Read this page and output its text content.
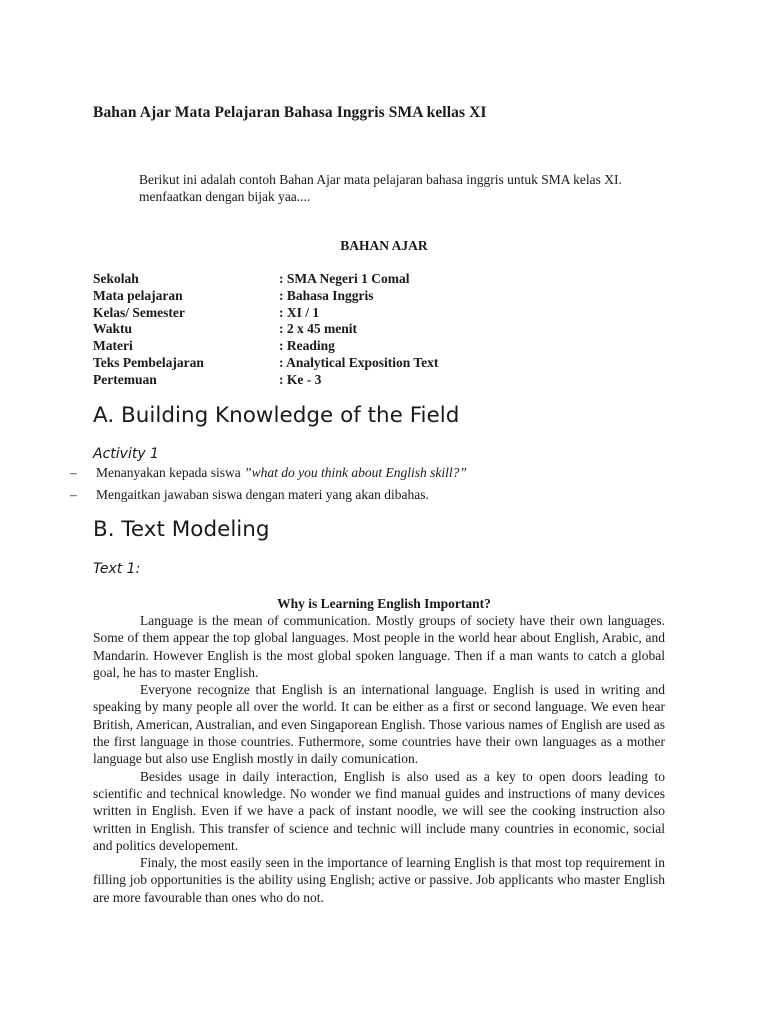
Bahan Ajar Mata Pelajaran Bahasa Inggris SMA kellas XI
Berikut ini adalah contoh Bahan Ajar mata pelajaran bahasa inggris untuk SMA kelas XI.
menfaatkan dengan bijak yaa....
BAHAN AJAR
Sekolah	: SMA Negeri 1 Comal
Mata pelajaran	: Bahasa Inggris
Kelas/ Semester	: XI / 1
Waktu	: 2 x 45 menit
Materi	: Reading
Teks Pembelajaran	: Analytical Exposition Text
Pertemuan	: Ke - 3
A. Building Knowledge of the Field
Activity 1
– Menanyakan kepada siswa ”what do you think about English skill?”
– Mengaitkan jawaban siswa dengan materi yang akan dibahas.
B. Text Modeling
Text 1:
Why is Learning English Important?

Language is the mean of communication. Mostly groups of society have their own languages. Some of them appear the top global languages. Most people in the world hear about English, Arabic, and Mandarin. However English is the most global spoken language. Then if a man wants to catch a global goal, he has to master English.

Everyone recognize that English is an international language. English is used in writing and speaking by many people all over the world. It can be either as a first or second language. We even hear British, American, Australian, and even Singaporean English. Those various names of English are used as the first language in those countries. Futhermore, some countries have their own languages as a mother language but also use English mostly in daily comunication.

Besides usage in daily interaction, English is also used as a key to open doors leading to scientific and technical knowledge. No wonder we find manual guides and instructions of many devices written in English. Even if we have a pack of instant noodle, we will see the cooking instruction also written in English. This transfer of science and technic will include many countries in economic, social and politics developement.

Finaly, the most easily seen in the importance of learning English is that most top requirement in filling job opportunities is the ability using English; active or passive. Job applicants who master English are more favourable than ones who do not.
